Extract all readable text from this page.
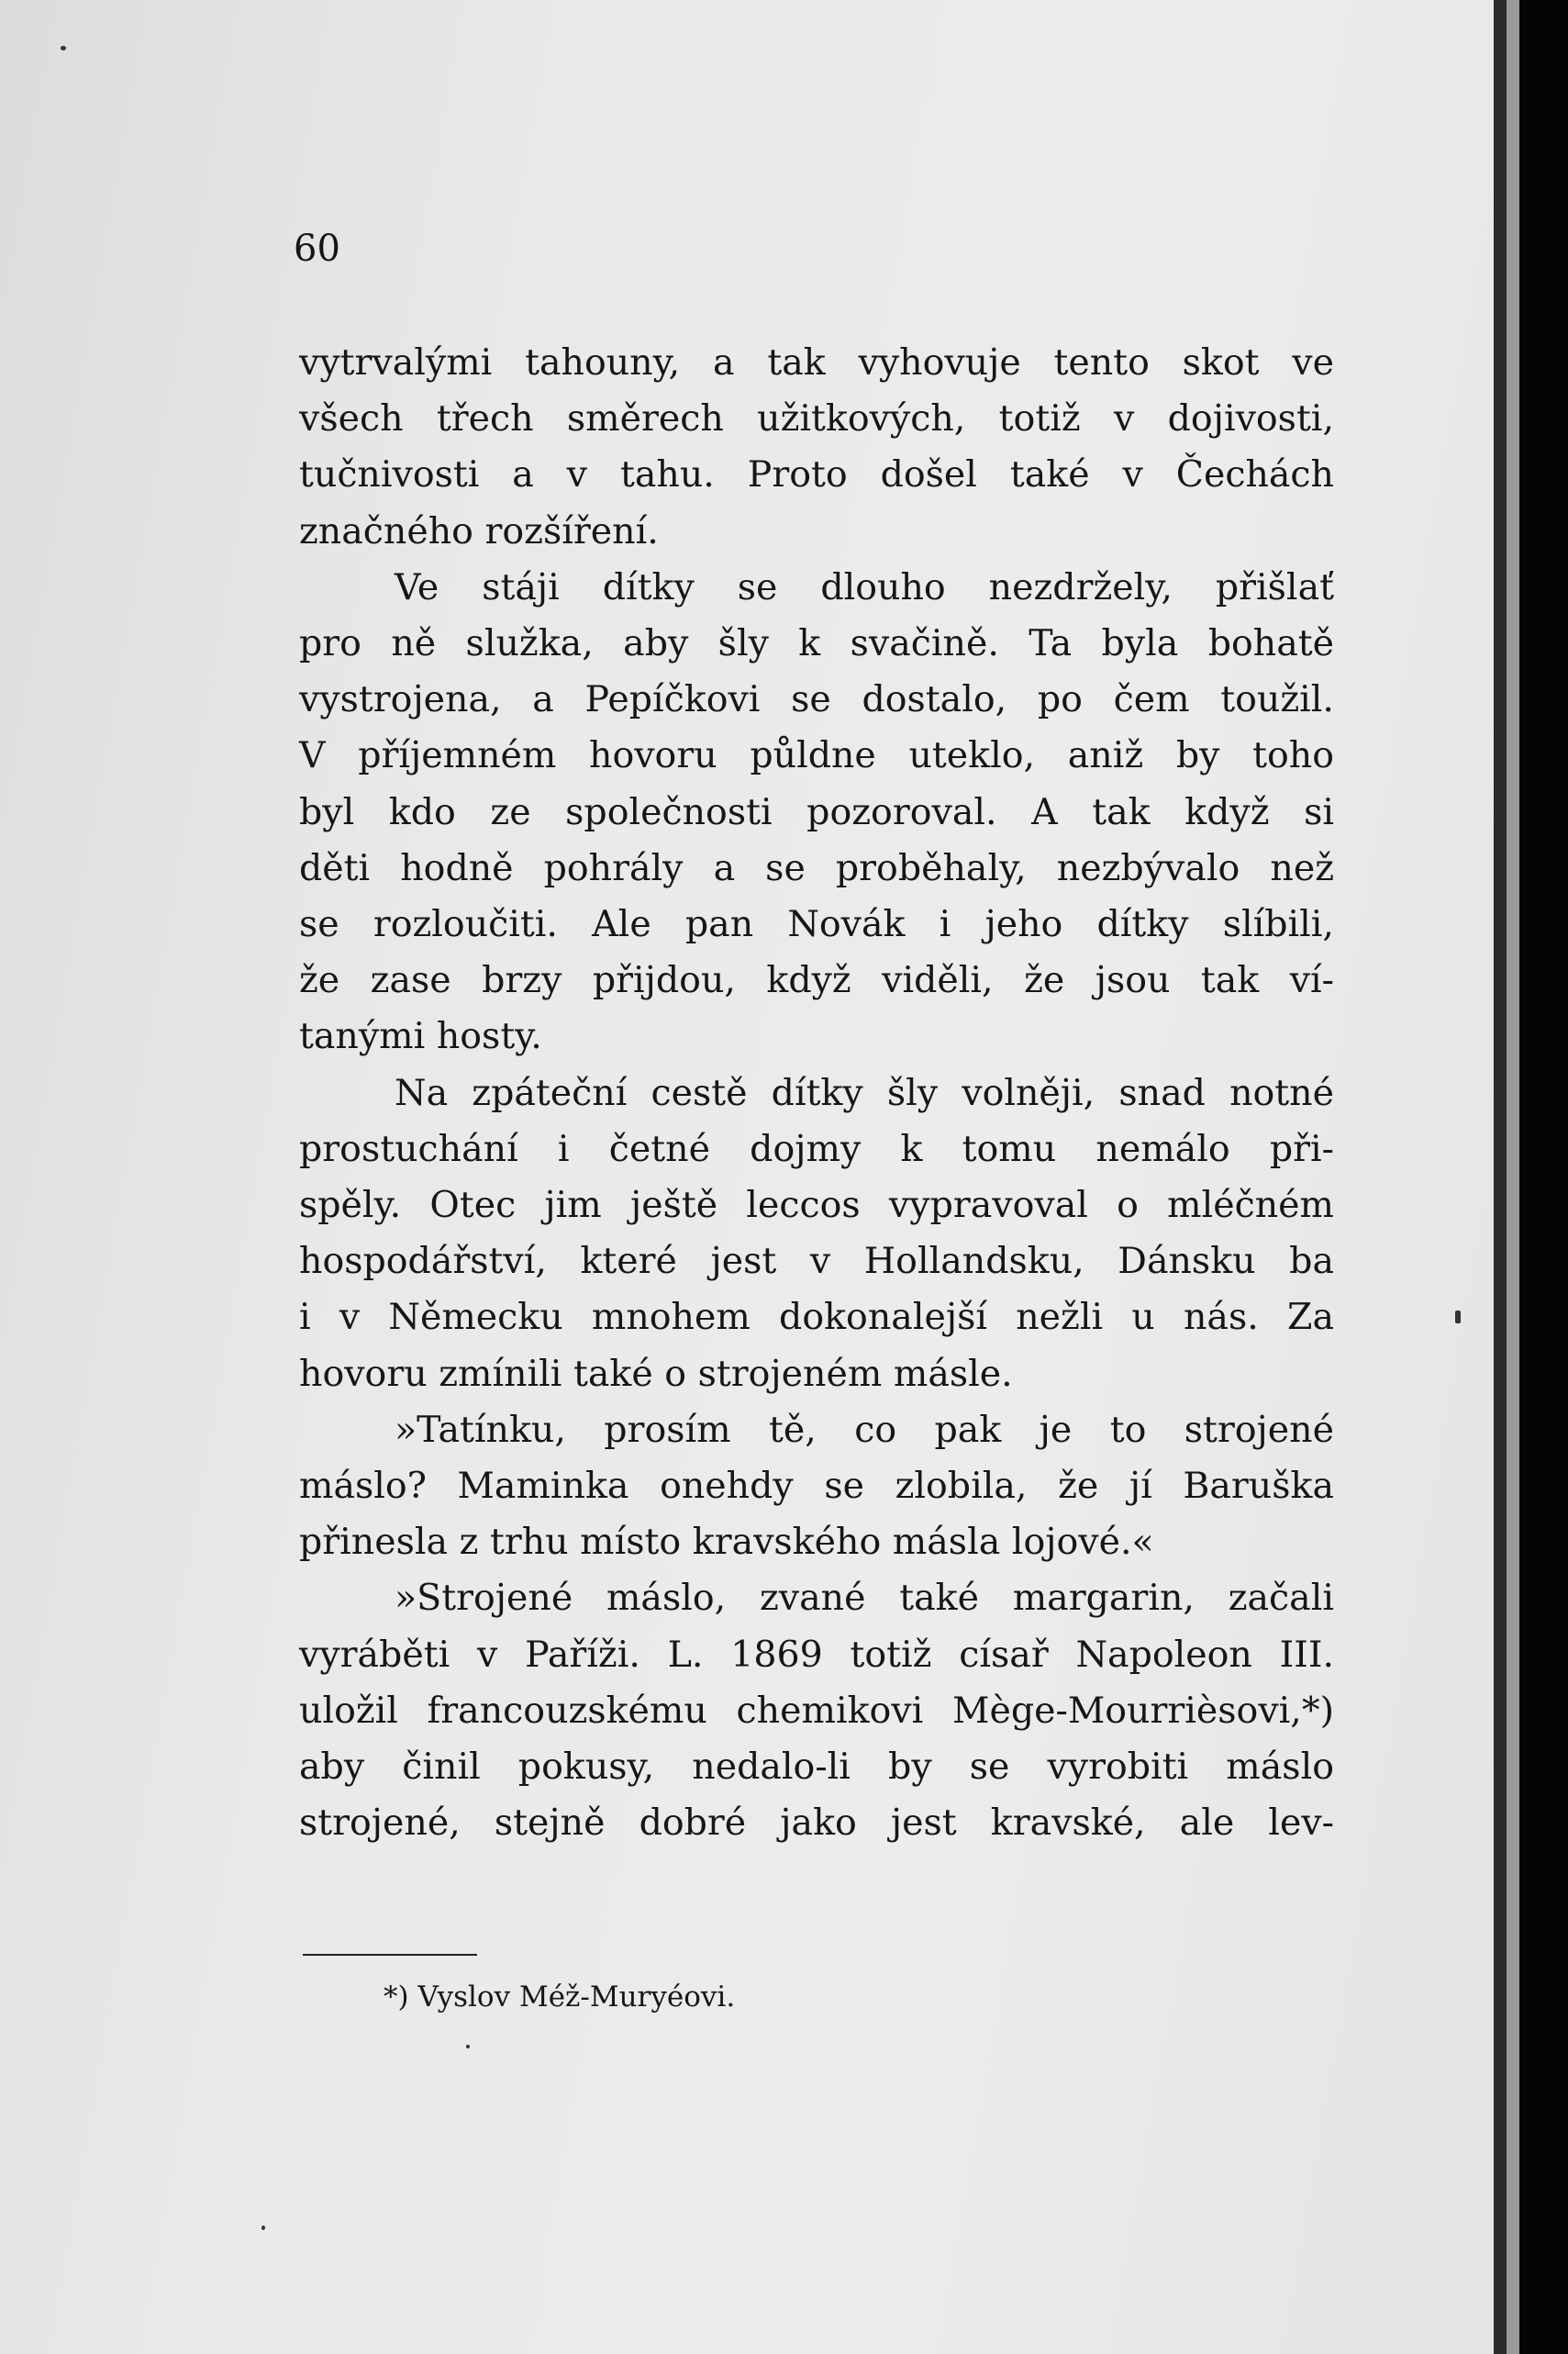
60

vytrvalými tahouny, a tak vyhovuje tento skot ve

všech třech směrech užitkových, totiž v dojivosti,

tučnivosti a v tahu. Proto došel také v Čechách

značného rozšíření.

Ve stáji dítky se dlouho nezdržely, přišlať

pro ně služka, aby šly k svačině. Ta byla bohatě

vystrojena, a Pepíčkovi se dostalo, po čem toužil.

V příjemném hovoru půldne uteklo, aniž by toho

byl kdo ze společnosti pozoroval. A tak když si

děti hodně pohrály a se proběhaly, nezbývalo než

se rozloučiti. Ale pan Novák i jeho dítky slíbili,

že zase brzy přijdou, když viděli, že jsou tak ví-

tanými hosty.

Na zpáteční cestě dítky šly volněji, snad notné

prostuchání i četné dojmy k tomu nemálo při-

spěly. Otec jim ještě leccos vypravoval o mléčném

hospodářství, které jest v Hollandsku, Dánsku ba

i v Německu mnohem dokonalejší nežli u nás. Za

hovoru zmínili také o strojeném másle.

»Tatínku, prosím tě, co pak je to strojené

máslo? Maminka onehdy se zlobila, že jí Baruška

přinesla z trhu místo kravského másla lojové.«

»Strojené máslo, zvané také margarin, začali

vyráběti v Paříži. L. 1869 totiž císař Napoleon III.

uložil francouzskému chemikovi Mège-Mourrièsovi,*)

aby činil pokusy, nedalo-li by se vyrobiti máslo

strojené, stejně dobré jako jest kravské, ale lev-

*) Vyslov Méž-Muryéovi.
